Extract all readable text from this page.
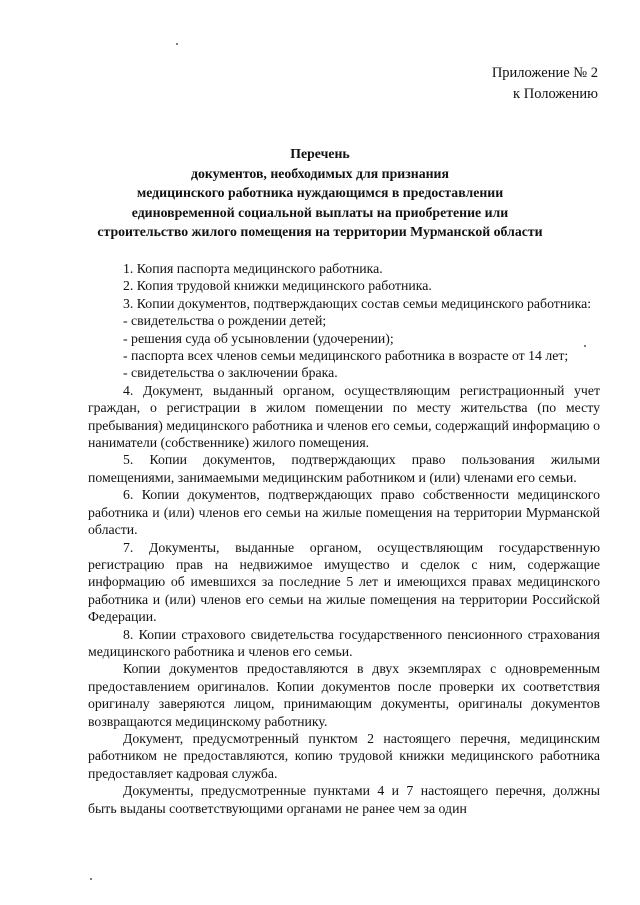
Приложение № 2
к Положению
Перечень
документов, необходимых для признания
медицинского работника нуждающимся в предоставлении
единовременной социальной выплаты на приобретение или
строительство жилого помещения на территории Мурманской области

1. Копия паспорта медицинского работника.

2. Копия трудовой книжки медицинского работника.

3. Копии документов, подтверждающих состав семьи медицинского работника:

- свидетельства о рождении детей;

- решения суда об усыновлении (удочерении);

- паспорта всех членов семьи медицинского работника в возрасте от 14 лет;

- свидетельства о заключении брака.

4. Документ, выданный органом, осуществляющим регистрационный учет граждан, о регистрации в жилом помещении по месту жительства (по месту пребывания) медицинского работника и членов его семьи, содержащий информацию о наниматели (собственнике) жилого помещения.

5. Копии документов, подтверждающих право пользования жилыми помещениями, занимаемыми медицинским работником и (или) членами его семьи.

6. Копии документов, подтверждающих право собственности медицинского работника и (или) членов его семьи на жилые помещения на территории Мурманской области.

7. Документы, выданные органом, осуществляющим государственную регистрацию прав на недвижимое имущество и сделок с ним, содержащие информацию об имевшихся за последние 5 лет и имеющихся правах медицинского работника и (или) членов его семьи на жилые помещения на территории Российской Федерации.

8. Копии страхового свидетельства государственного пенсионного страхования медицинского работника и членов его семьи.

Копии документов предоставляются в двух экземплярах с одновременным предоставлением оригиналов. Копии документов после проверки их соответствия оригиналу заверяются лицом, принимающим документы, оригиналы документов возвращаются медицинскому работнику.

Документ, предусмотренный пунктом 2 настоящего перечня, медицинским работником не предоставляются, копию трудовой книжки медицинского работника предоставляет кадровая служба.

Документы, предусмотренные пунктами 4 и 7 настоящего перечня, должны быть выданы соответствующими органами не ранее чем за один
